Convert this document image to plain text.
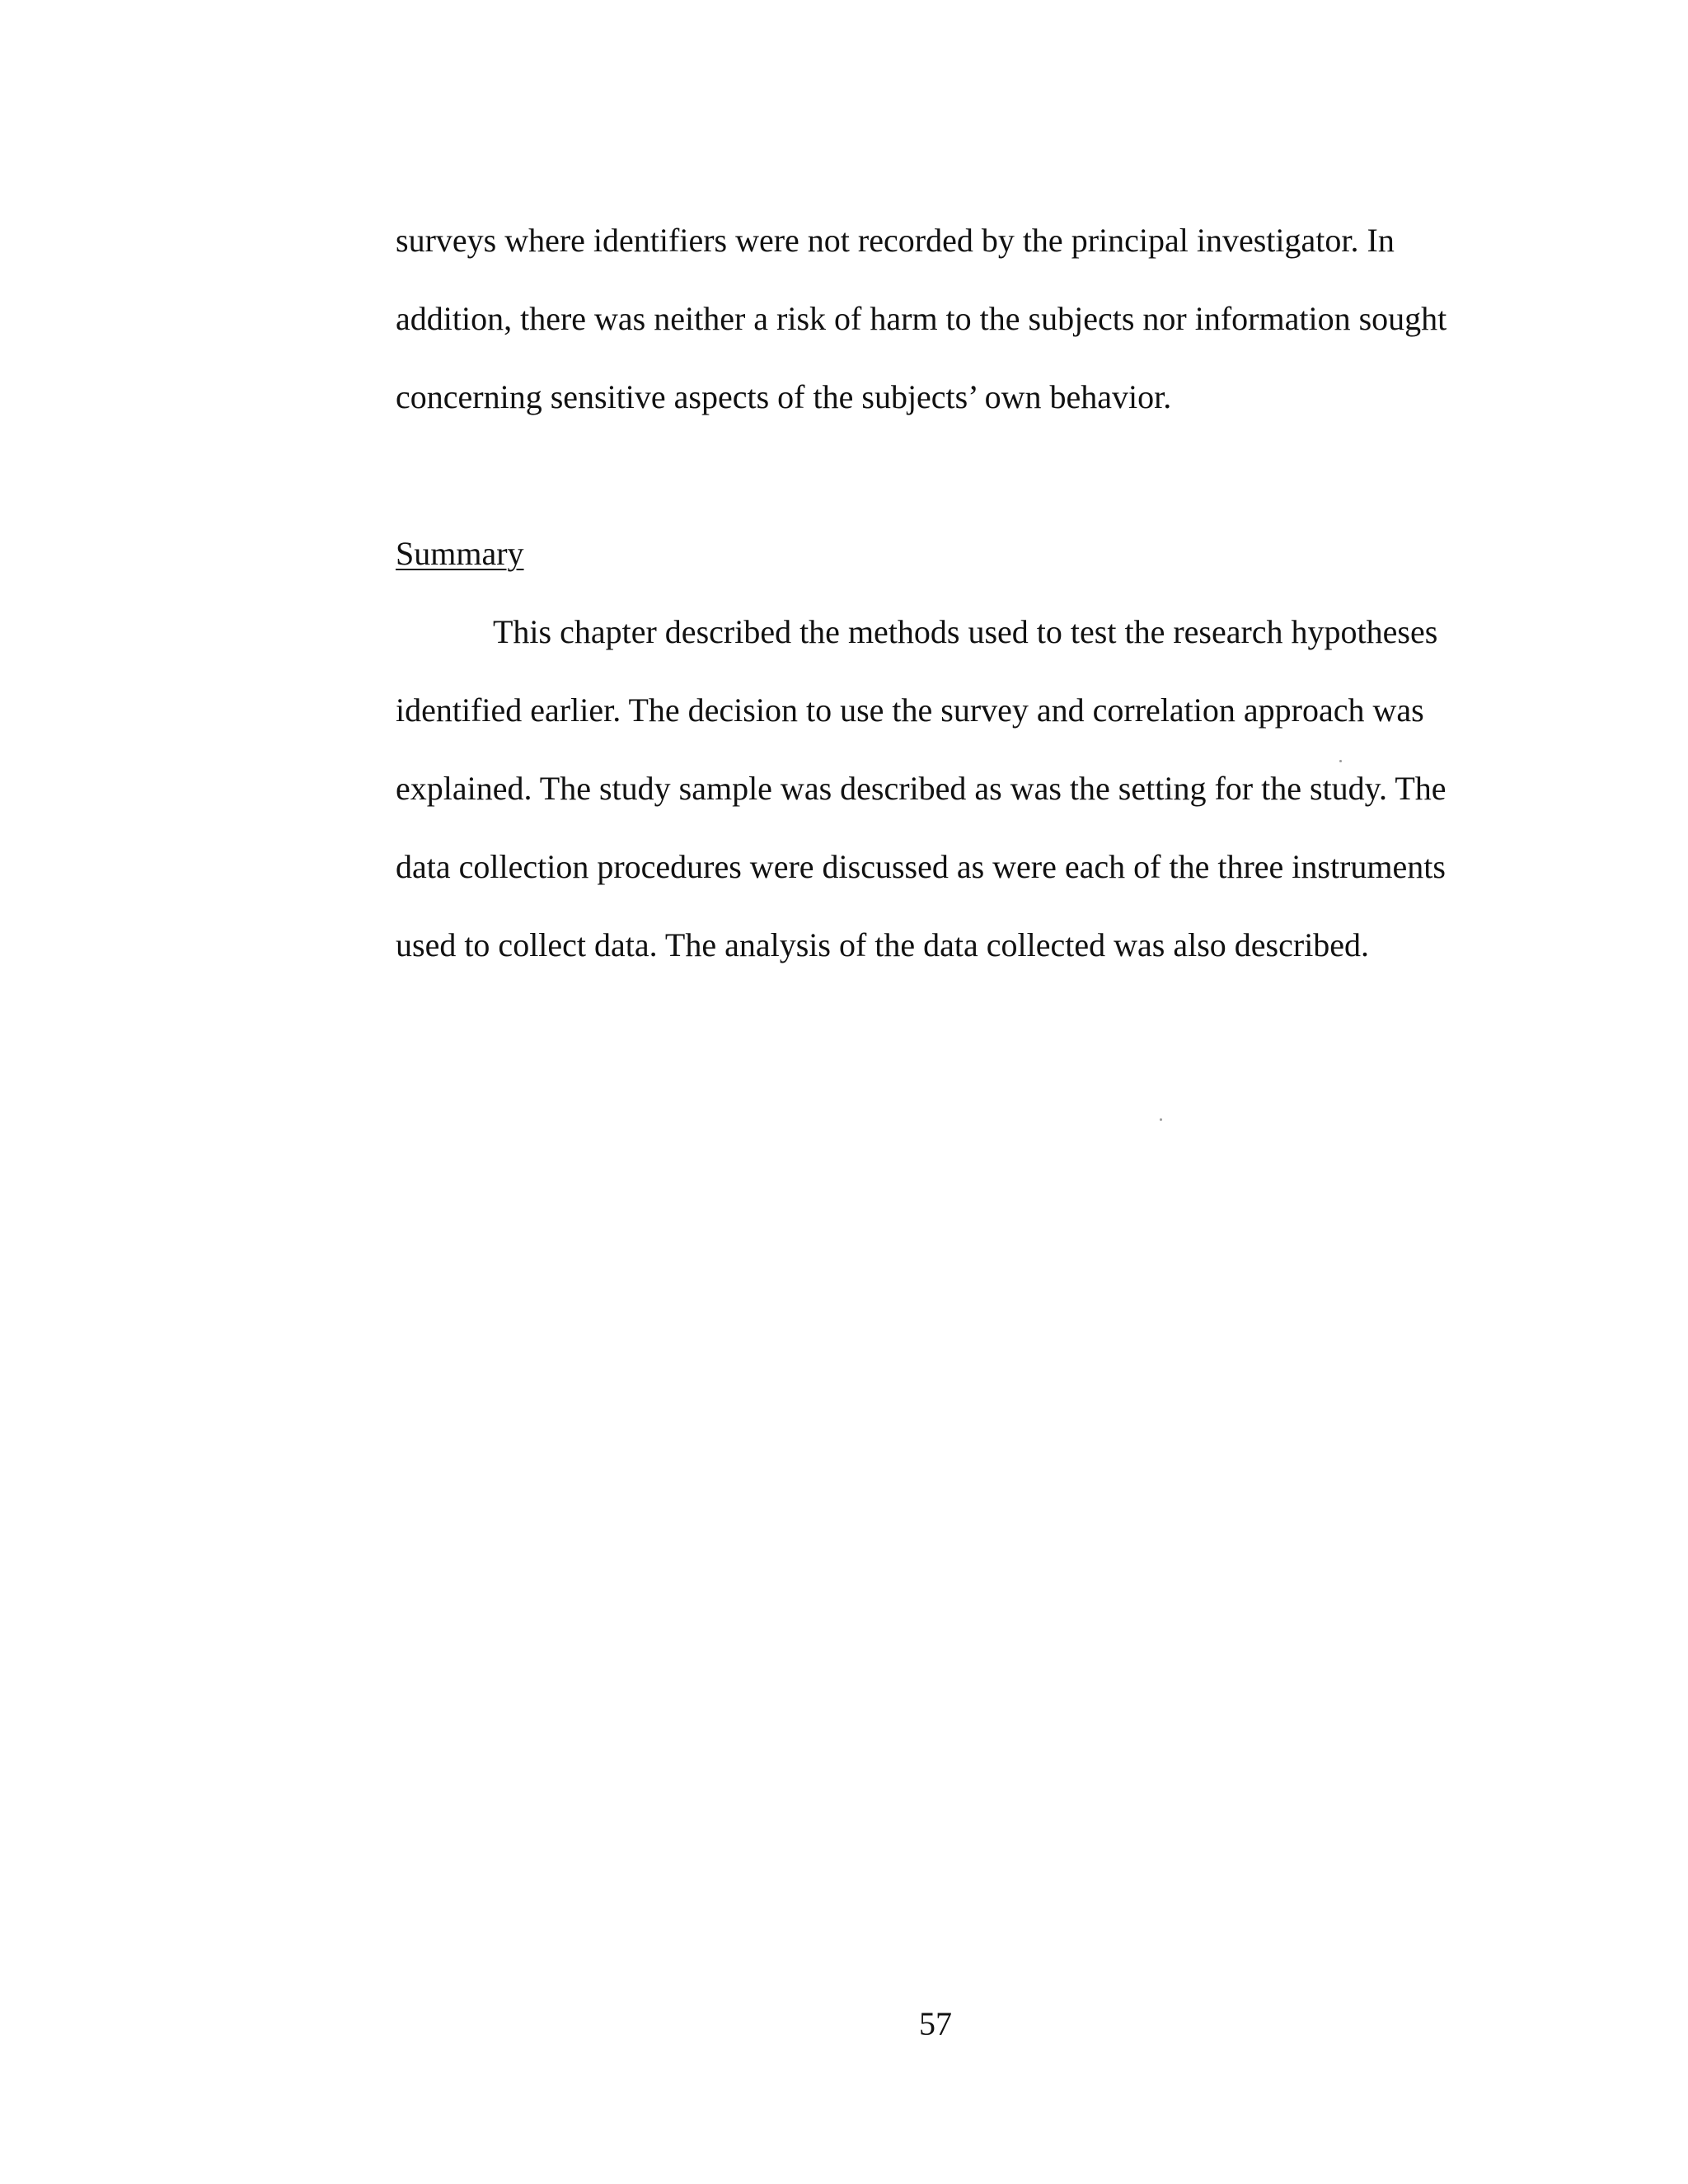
surveys where identifiers were not recorded by the principal investigator. In

addition, there was neither a risk of harm to the subjects nor information sought

concerning sensitive aspects of the subjects’ own behavior.

Summary

This chapter described the methods used to test the research hypotheses

identified earlier. The decision to use the survey and correlation approach was

explained. The study sample was described as was the setting for the study. The

data collection procedures were discussed as were each of the three instruments

used to collect data. The analysis of the data collected was also described.

57
